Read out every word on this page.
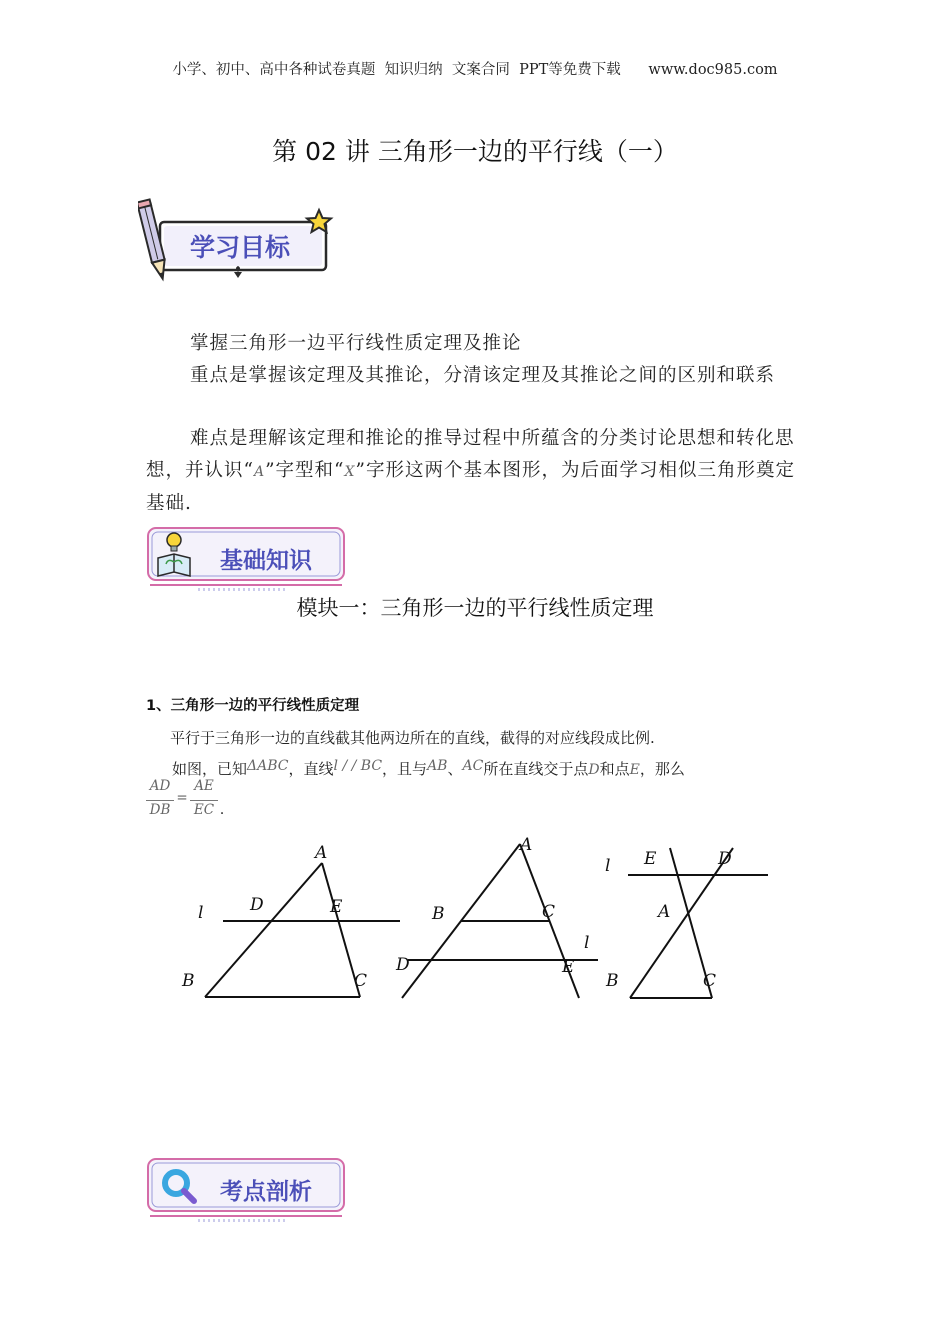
小学、初中、高中各种试卷真题  知识归纳  文案合同  PPT等免费下载      www.doc985.com
第 02 讲 三角形一边的平行线（一）
学习目标
掌握三角形一边平行线性质定理及推论
重点是掌握该定理及其推论，分清该定理及其推论之间的区别和联系
难点是理解该定理和推论的推导过程中所蕴含的分类讨论思想和转化思想，并认识“A”字型和“X”字形这两个基本图形，为后面学习相似三角形奠定基础.
基础知识
模块一：三角形一边的平行线性质定理
1、三角形一边的平行线性质定理
平行于三角形一边的直线截其他两边所在的直线，截得的对应线段成比例.
如图，已知ΔABC，直线l / / BC，且与AB、AC所在直线交于点D和点E，那么
AD
DB
=
AE
EC .
A
D	E
l
B	C
A
B	C
l
D	E
l E	D
A
B	C
考点剖析
